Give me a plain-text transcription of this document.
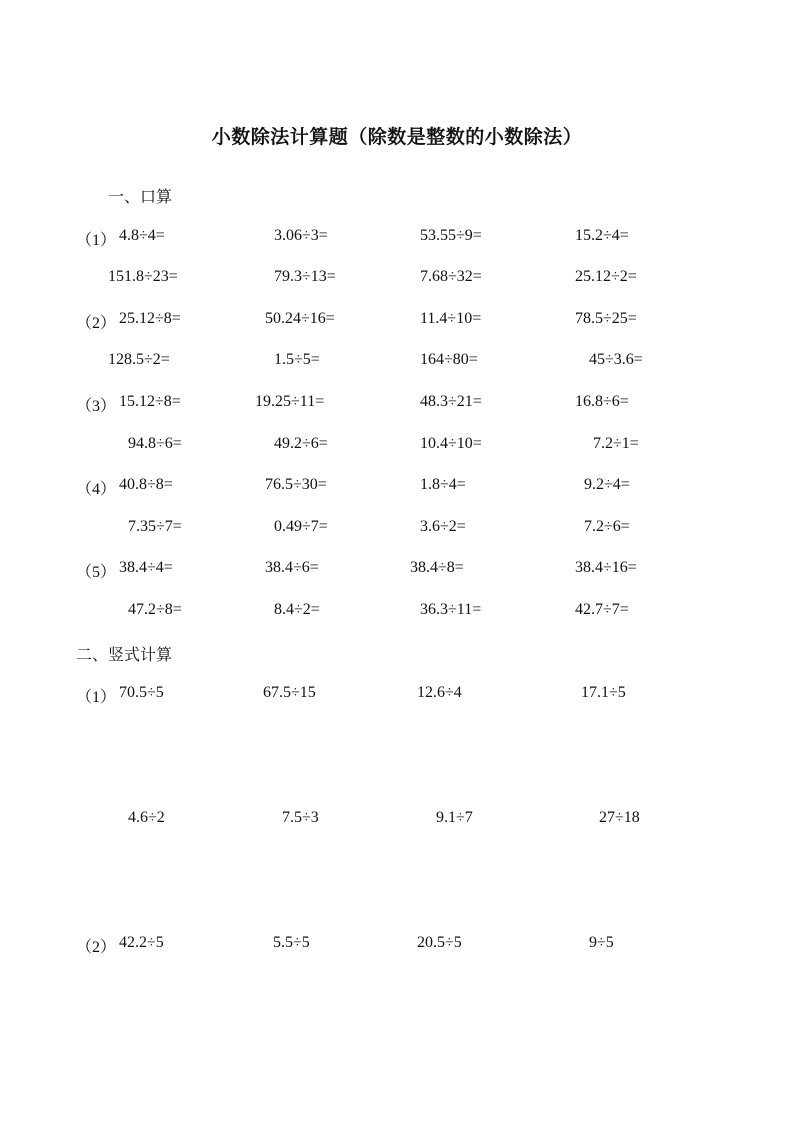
小数除法计算题（除数是整数的小数除法）
一、口算
（1） 4.8÷4=	3.06÷3=	53.55÷9=	15.2÷4=
151.8÷23=	79.3÷13=	7.68÷32=	25.12÷2=
（2） 25.12÷8=	50.24÷16=	11.4÷10=	78.5÷25=
128.5÷2=	1.5÷5=	164÷80=	45÷3.6=
（3） 15.12÷8=	19.25÷11=	48.3÷21=	16.8÷6=
94.8÷6=	49.2÷6=	10.4÷10=	7.2÷1=
（4） 40.8÷8=	76.5÷30=	1.8÷4=	9.2÷4=
7.35÷7=	0.49÷7=	3.6÷2=	7.2÷6=
（5） 38.4÷4=	38.4÷6=	38.4÷8=	38.4÷16=
47.2÷8=	8.4÷2=	36.3÷11=	42.7÷7=
二、竖式计算
（1） 70.5÷5	67.5÷15	12.6÷4	17.1÷5
4.6÷2	7.5÷3	9.1÷7	27÷18
（2） 42.2÷5	5.5÷5	20.5÷5	9÷5
